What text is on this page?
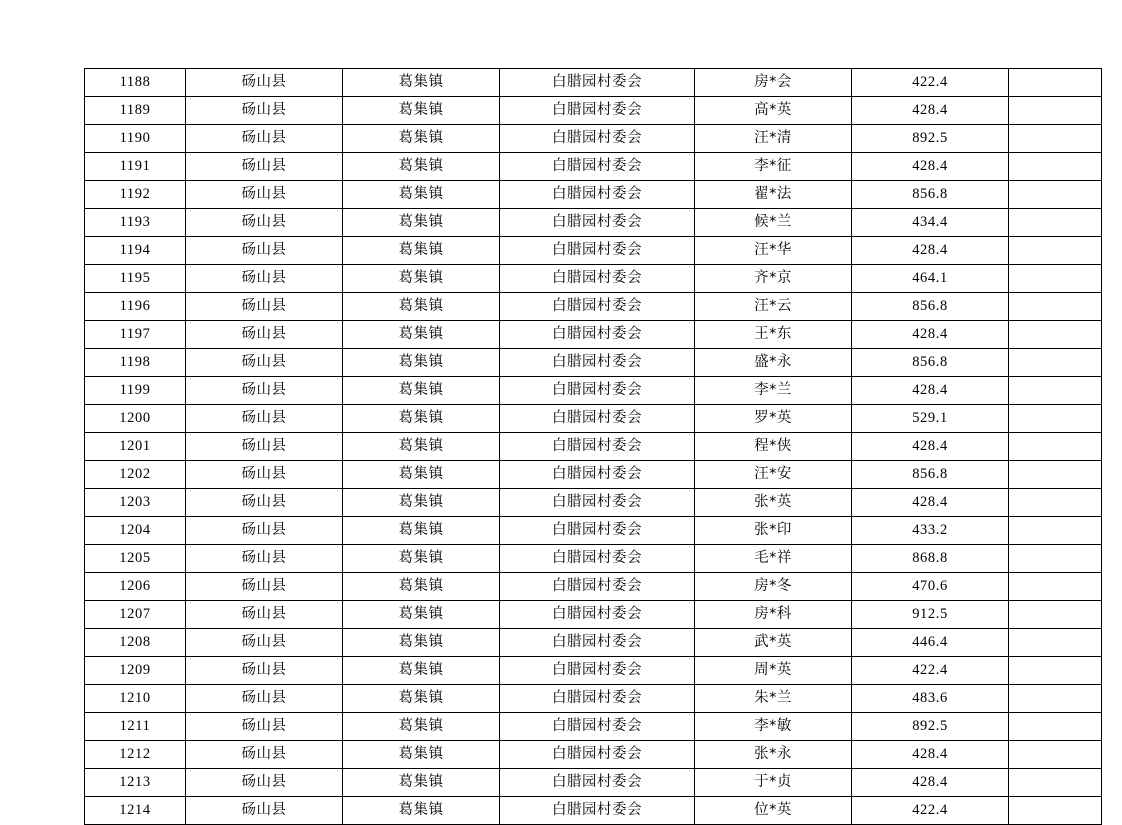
1188	砀山县	葛集镇	白腊园村委会	房*会	422.4	
1189	砀山县	葛集镇	白腊园村委会	高*英	428.4	
1190	砀山县	葛集镇	白腊园村委会	汪*清	892.5	
1191	砀山县	葛集镇	白腊园村委会	李*征	428.4	
1192	砀山县	葛集镇	白腊园村委会	翟*法	856.8	
1193	砀山县	葛集镇	白腊园村委会	候*兰	434.4	
1194	砀山县	葛集镇	白腊园村委会	汪*华	428.4	
1195	砀山县	葛集镇	白腊园村委会	齐*京	464.1	
1196	砀山县	葛集镇	白腊园村委会	汪*云	856.8	
1197	砀山县	葛集镇	白腊园村委会	王*东	428.4	
1198	砀山县	葛集镇	白腊园村委会	盛*永	856.8	
1199	砀山县	葛集镇	白腊园村委会	李*兰	428.4	
1200	砀山县	葛集镇	白腊园村委会	罗*英	529.1	
1201	砀山县	葛集镇	白腊园村委会	程*侠	428.4	
1202	砀山县	葛集镇	白腊园村委会	汪*安	856.8	
1203	砀山县	葛集镇	白腊园村委会	张*英	428.4	
1204	砀山县	葛集镇	白腊园村委会	张*印	433.2	
1205	砀山县	葛集镇	白腊园村委会	毛*祥	868.8	
1206	砀山县	葛集镇	白腊园村委会	房*冬	470.6	
1207	砀山县	葛集镇	白腊园村委会	房*科	912.5	
1208	砀山县	葛集镇	白腊园村委会	武*英	446.4	
1209	砀山县	葛集镇	白腊园村委会	周*英	422.4	
1210	砀山县	葛集镇	白腊园村委会	朱*兰	483.6	
1211	砀山县	葛集镇	白腊园村委会	李*敏	892.5	
1212	砀山县	葛集镇	白腊园村委会	张*永	428.4	
1213	砀山县	葛集镇	白腊园村委会	于*贞	428.4	
1214	砀山县	葛集镇	白腊园村委会	位*英	422.4	
